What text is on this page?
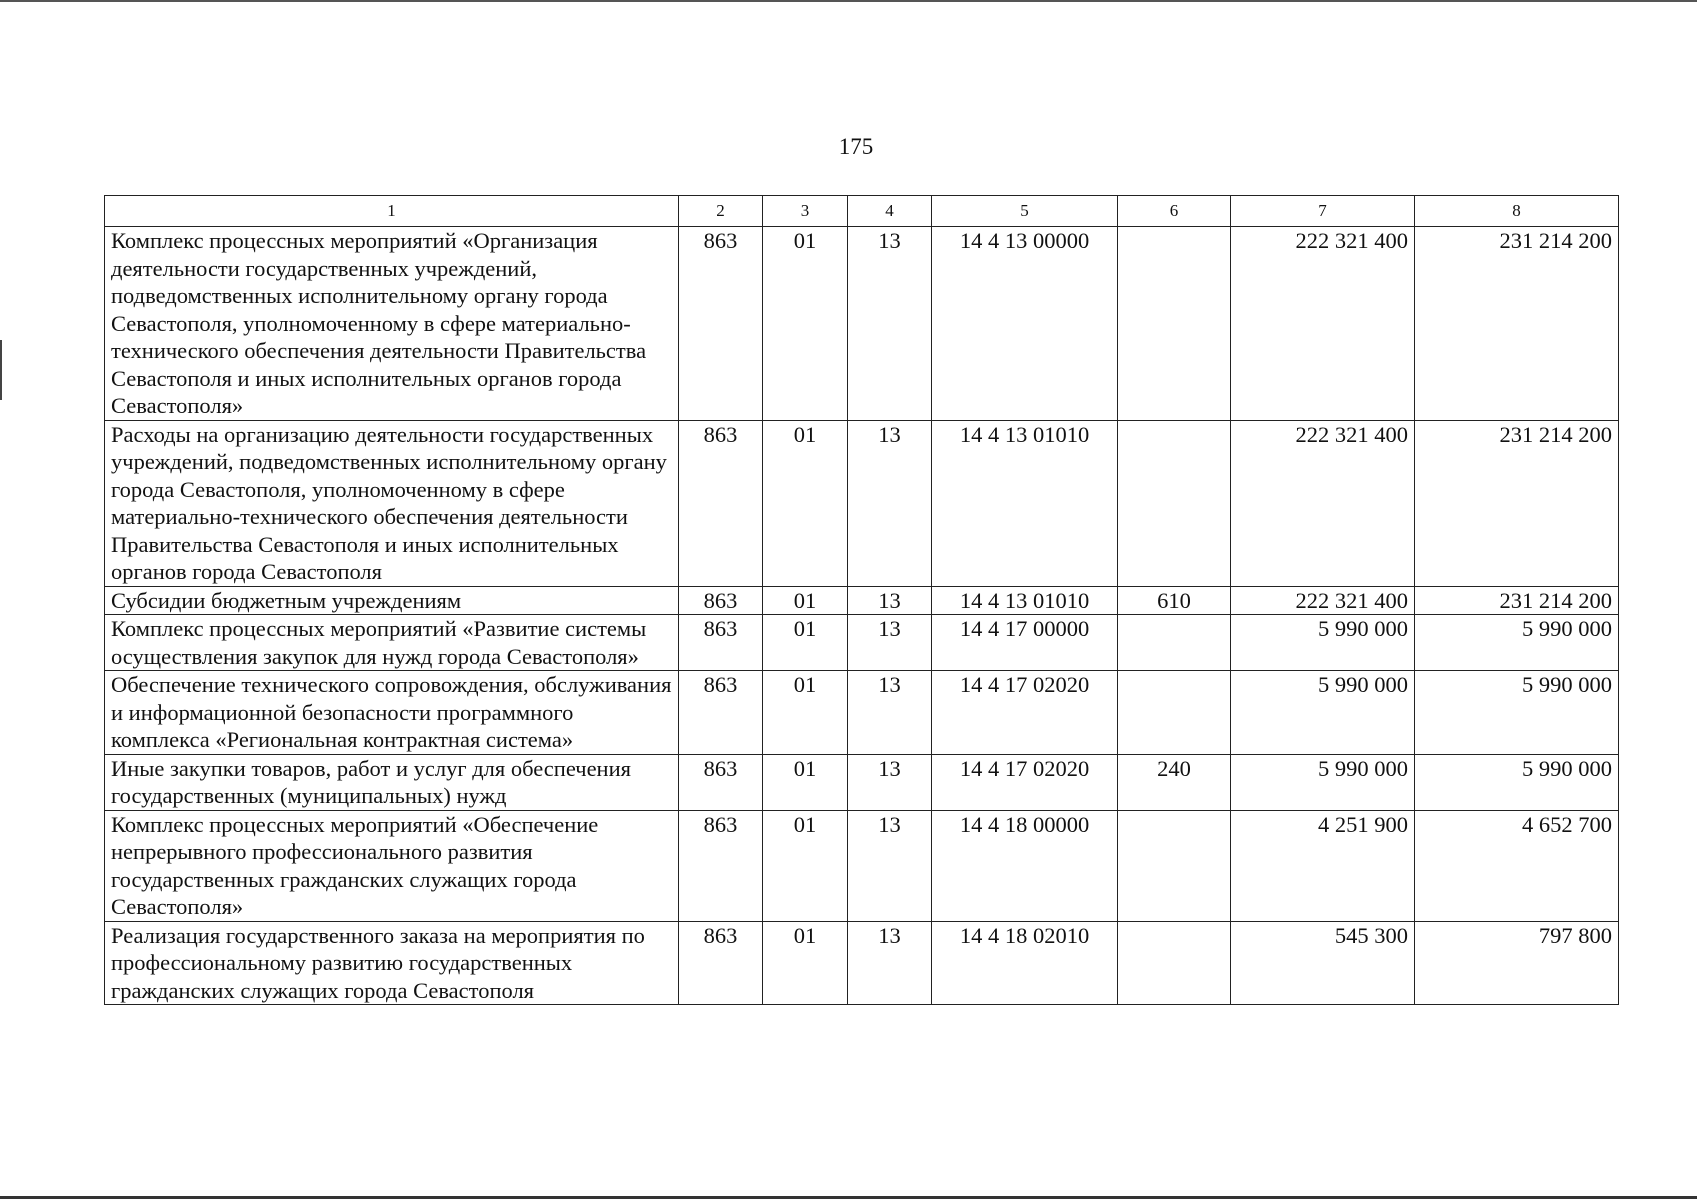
175
1	2	3	4	5	6	7	8
Комплекс процессных мероприятий «Организация деятельности государственных учреждений, подведомственных исполнительному органу города Севастополя, уполномоченному в сфере материально-технического обеспечения деятельности Правительства Севастополя и иных исполнительных органов города Севастополя»	863	01	13	14 4 13 00000		222 321 400	231 214 200
Расходы на организацию деятельности государственных учреждений, подведомственных исполнительному органу города Севастополя, уполномоченному в сфере материально-технического обеспечения деятельности Правительства Севастополя и иных исполнительных органов города Севастополя	863	01	13	14 4 13 01010		222 321 400	231 214 200
Субсидии бюджетным учреждениям	863	01	13	14 4 13 01010	610	222 321 400	231 214 200
Комплекс процессных мероприятий «Развитие системы осуществления закупок для нужд города Севастополя»	863	01	13	14 4 17 00000		5 990 000	5 990 000
Обеспечение технического сопровождения, обслуживания и информационной безопасности программного комплекса «Региональная контрактная система»	863	01	13	14 4 17 02020		5 990 000	5 990 000
Иные закупки товаров, работ и услуг для обеспечения государственных (муниципальных) нужд	863	01	13	14 4 17 02020	240	5 990 000	5 990 000
Комплекс процессных мероприятий «Обеспечение непрерывного профессионального развития государственных гражданских служащих города Севастополя»	863	01	13	14 4 18 00000		4 251 900	4 652 700
Реализация государственного заказа на мероприятия по профессиональному развитию государственных гражданских служащих города Севастополя	863	01	13	14 4 18 02010		545 300	797 800
